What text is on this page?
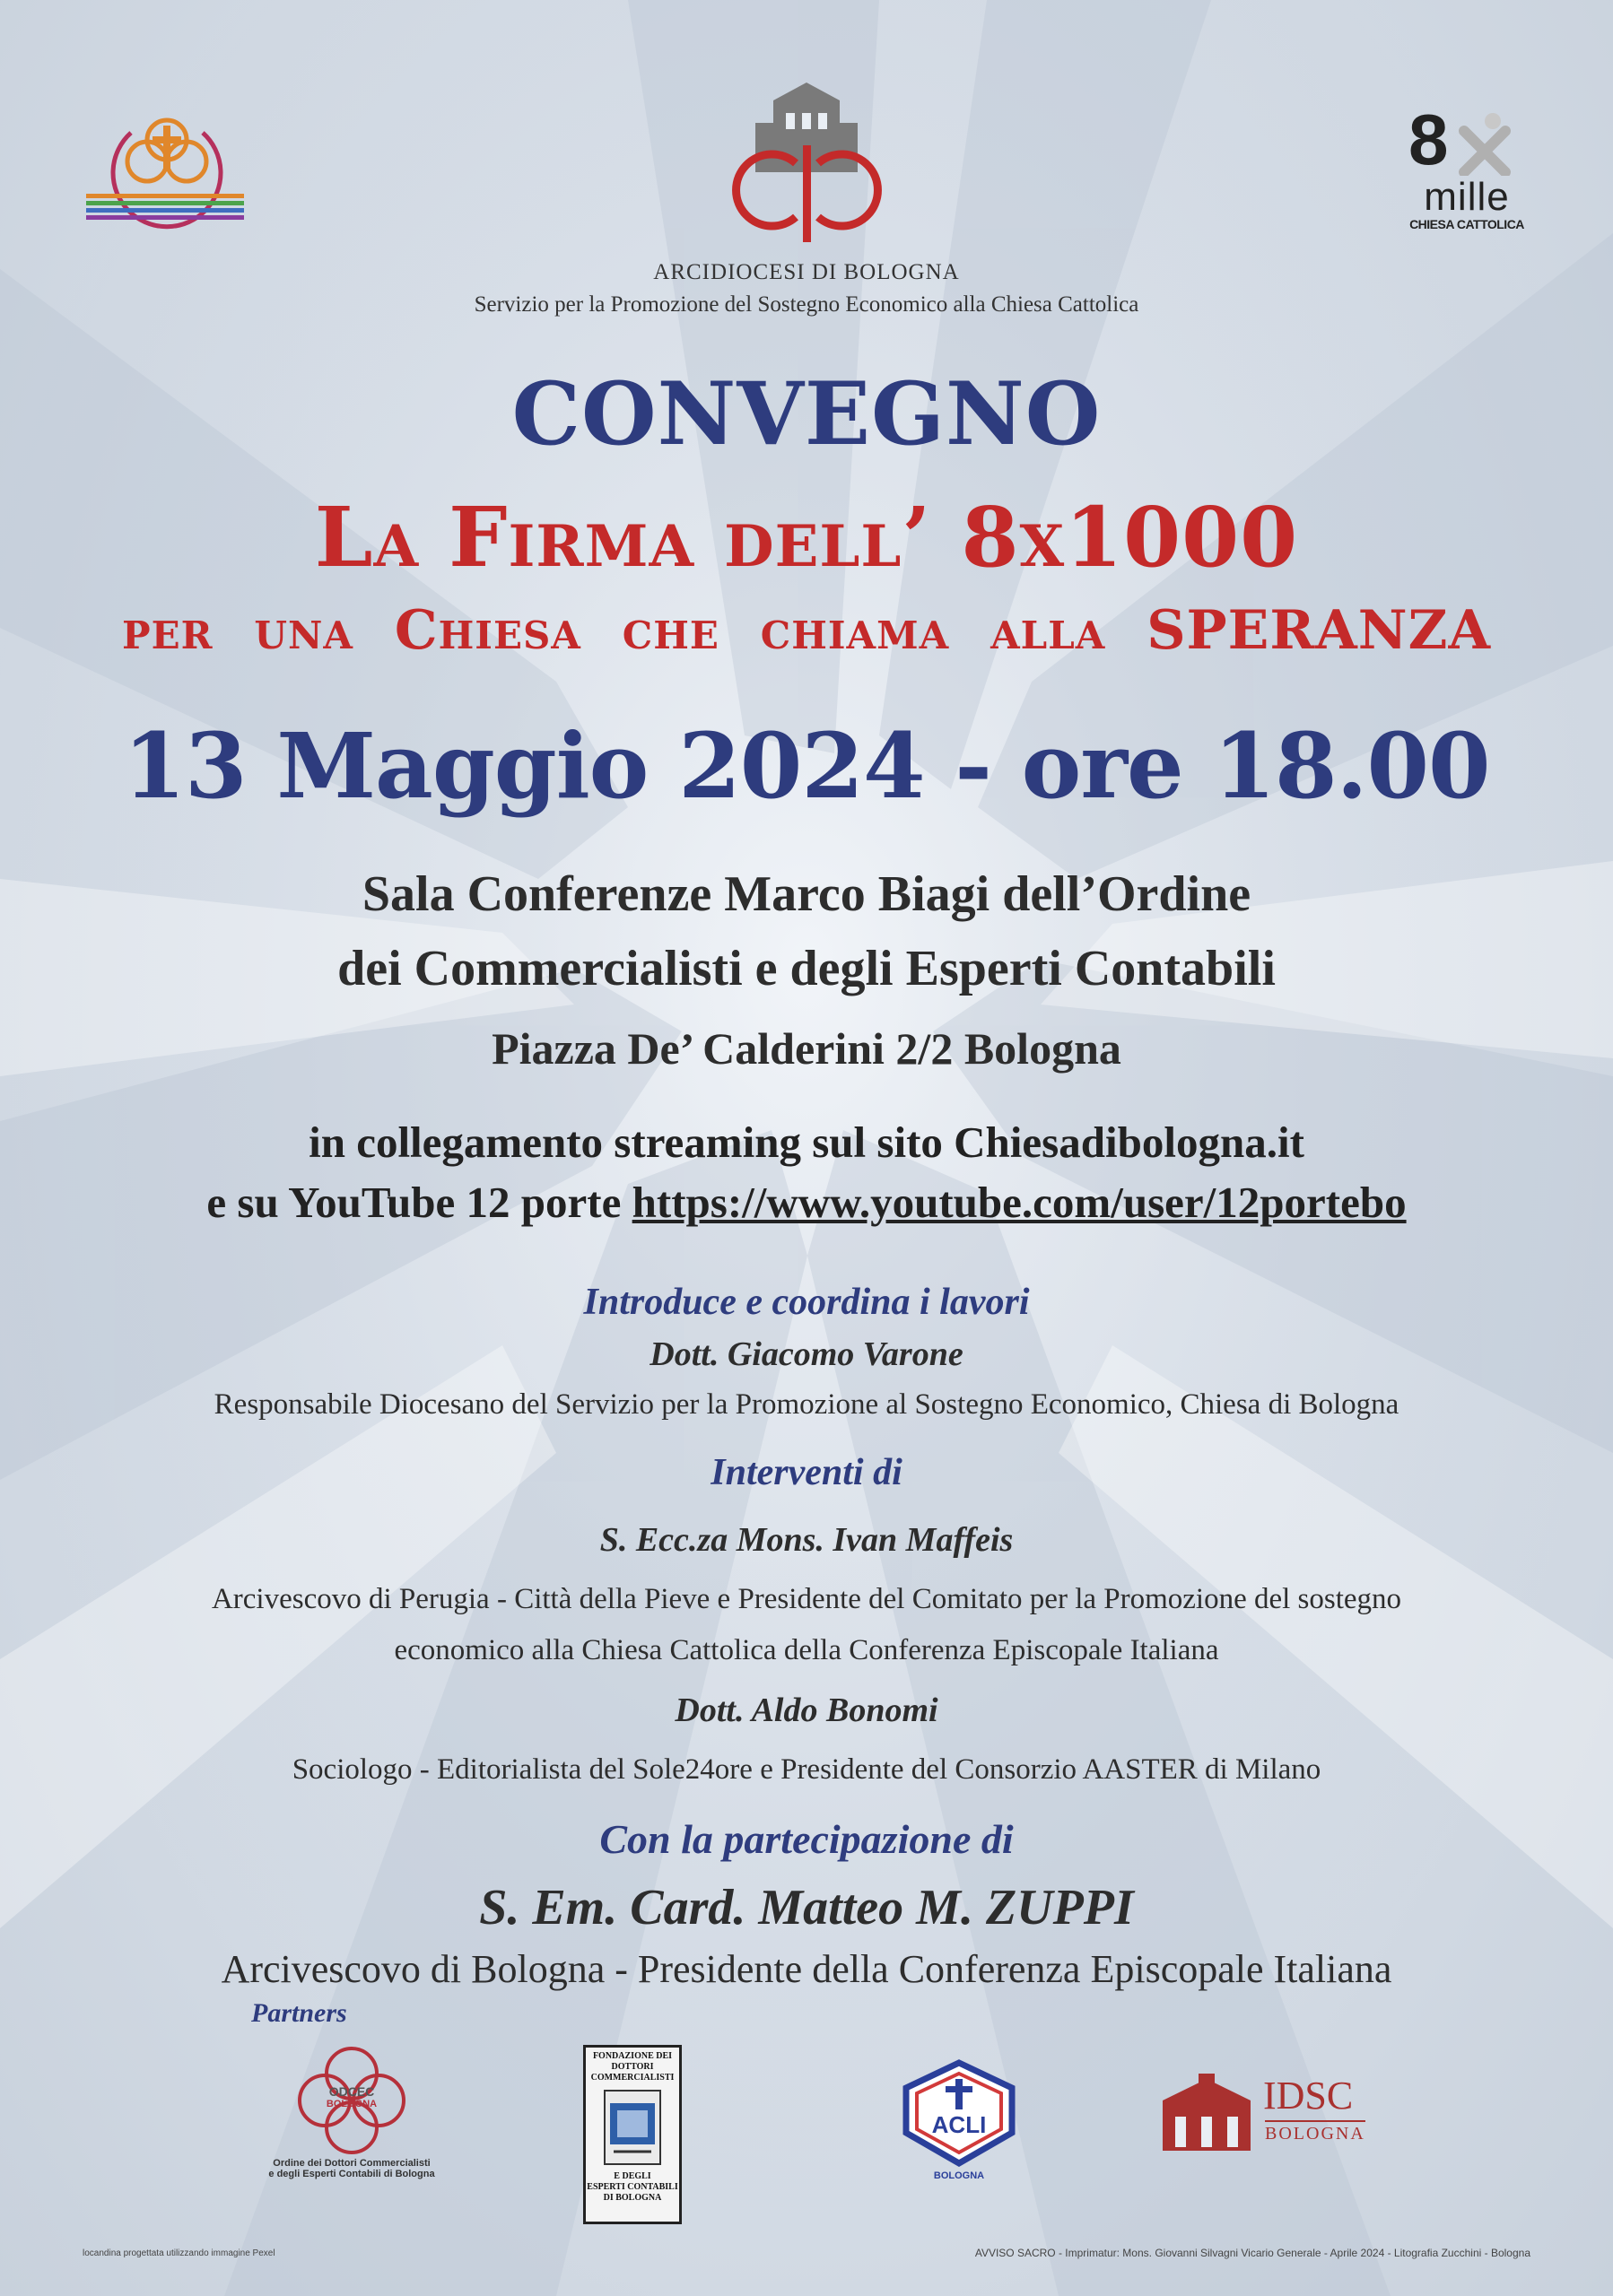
ARCIDIOCESI DI BOLOGNA
Servizio per la Promozione del Sostegno Economico alla Chiesa Cattolica
8
mille
CHIESA CATTOLICA
CONVEGNO
La Firma dell’ 8x1000
per una Chiesa che chiama alla SPERANZA
13 Maggio 2024 - ore 18.00
Sala Conferenze Marco Biagi dell’Ordine
dei Commercialisti e degli Esperti Contabili
Piazza De’ Calderini 2/2 Bologna
in collegamento streaming sul sito Chiesadibologna.it
e su YouTube 12 porte https://www.youtube.com/user/12portebo
Introduce e coordina i lavori
Dott. Giacomo Varone
Responsabile Diocesano del Servizio per la Promozione al Sostegno Economico, Chiesa di Bologna
Interventi di
S. Ecc.za Mons. Ivan Maffeis
Arcivescovo di Perugia - Città della Pieve e Presidente del Comitato per la Promozione del sostegno
economico alla Chiesa Cattolica della Conferenza Episcopale Italiana
Dott. Aldo Bonomi
Sociologo - Editorialista del Sole24ore e Presidente del Consorzio AASTER di Milano
Con la partecipazione di
S. Em. Card. Matteo M. ZUPPI
Arcivescovo di Bologna - Presidente della Conferenza Episcopale Italiana
Partners
ODCEC
BOLOGNA
Ordine dei Dottori Commercialisti
e degli Esperti Contabili di Bologna
FONDAZIONE DEI
DOTTORI
COMMERCIALISTI
E DEGLI
ESPERTI CONTABILI
DI BOLOGNA
ACLI
BOLOGNA
IDSC
BOLOGNA
locandina progettata utilizzando immagine Pexel	AVVISO SACRO - Imprimatur: Mons. Giovanni Silvagni Vicario Generale - Aprile 2024 - Litografia Zucchini - Bologna
